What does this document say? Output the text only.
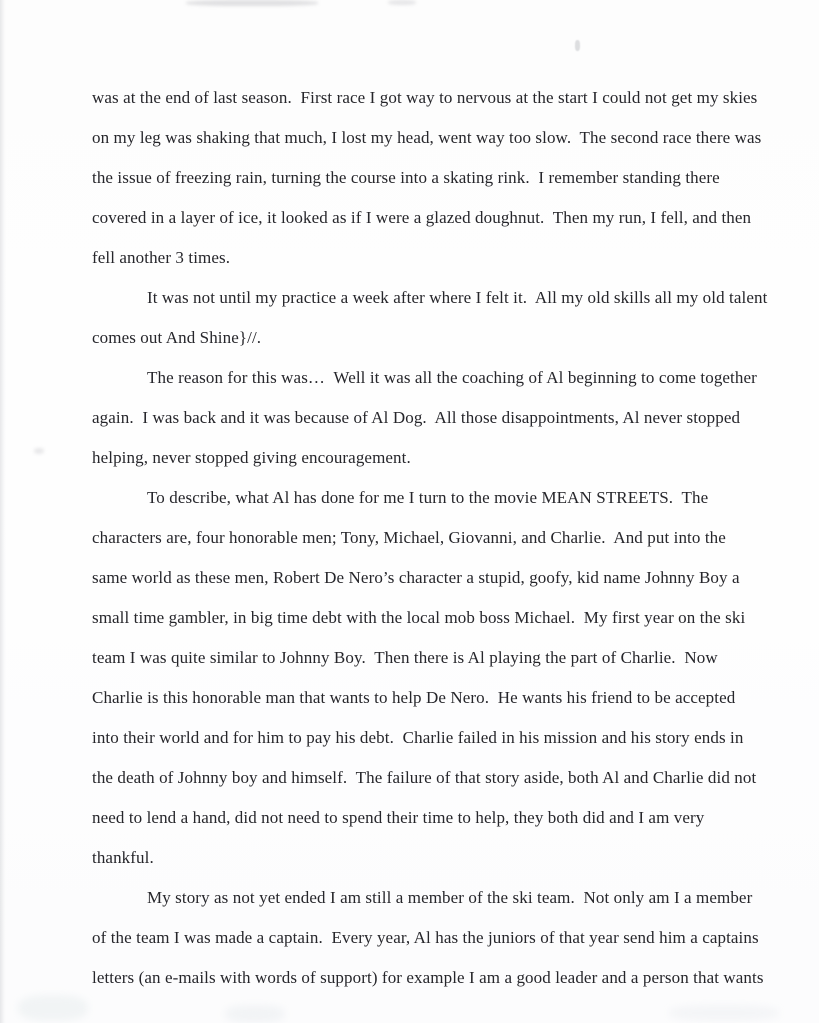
was at the end of last season.  First race I got way to nervous at the start I could not get my skies
on my leg was shaking that much, I lost my head, went way too slow.  The second race there was
the issue of freezing rain, turning the course into a skating rink.  I remember standing there
covered in a layer of ice, it looked as if I were a glazed doughnut.  Then my run, I fell, and then
fell another 3 times.
It was not until my practice a week after where I felt it.  All my old skills all my old talent
comes out And Shine}//.
The reason for this was…  Well it was all the coaching of Al beginning to come together
again.  I was back and it was because of Al Dog.  All those disappointments, Al never stopped
helping, never stopped giving encouragement.
To describe, what Al has done for me I turn to the movie MEAN STREETS.  The
characters are, four honorable men; Tony, Michael, Giovanni, and Charlie.  And put into the
same world as these men, Robert De Nero’s character a stupid, goofy, kid name Johnny Boy a
small time gambler, in big time debt with the local mob boss Michael.  My first year on the ski
team I was quite similar to Johnny Boy.  Then there is Al playing the part of Charlie.  Now
Charlie is this honorable man that wants to help De Nero.  He wants his friend to be accepted
into their world and for him to pay his debt.  Charlie failed in his mission and his story ends in
the death of Johnny boy and himself.  The failure of that story aside, both Al and Charlie did not
need to lend a hand, did not need to spend their time to help, they both did and I am very
thankful.
My story as not yet ended I am still a member of the ski team.  Not only am I a member
of the team I was made a captain.  Every year, Al has the juniors of that year send him a captains
letters (an e-mails with words of support) for example I am a good leader and a person that wants
